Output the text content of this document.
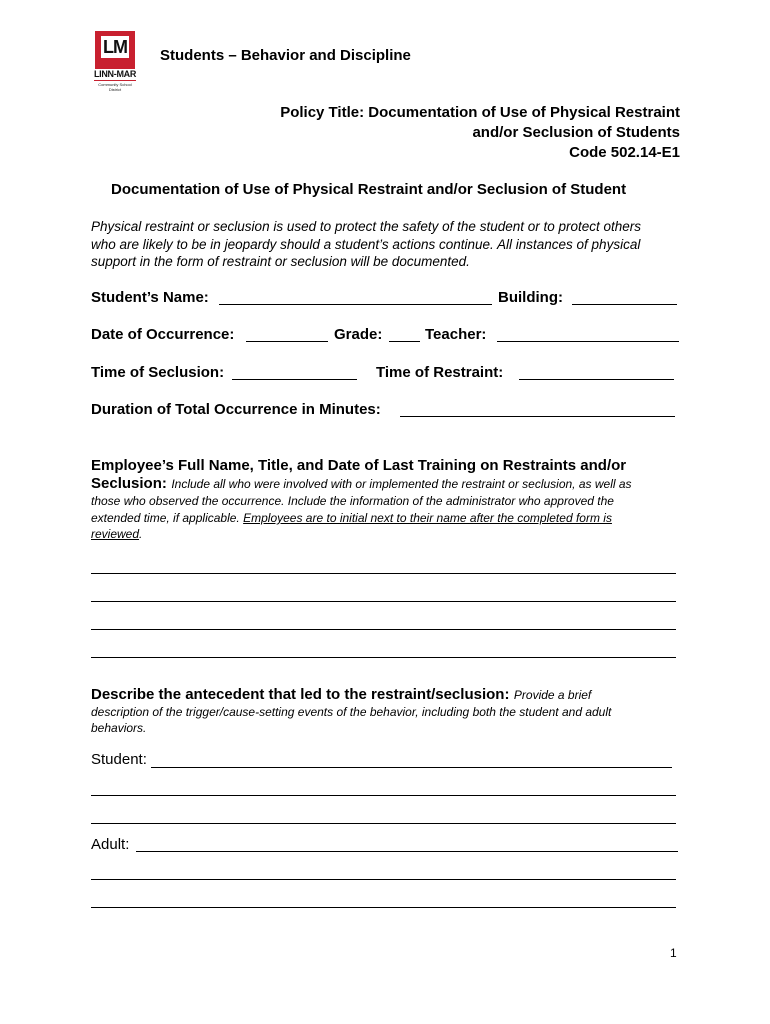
LM
LINN-MAR
Community School District
Students – Behavior and Discipline
Policy Title: Documentation of Use of Physical Restraint
and/or Seclusion of Students
Code 502.14-E1
Documentation of Use of Physical Restraint and/or Seclusion of Student
Physical restraint or seclusion is used to protect the safety of the student or to protect others
who are likely to be in jeopardy should a student’s actions continue. All instances of physical
support in the form of restraint or seclusion will be documented.
Student’s Name:	Building:
Date of Occurrence:	Grade:	Teacher:
Time of Seclusion:	Time of Restraint:
Duration of Total Occurrence in Minutes:
Employee’s Full Name, Title, and Date of Last Training on Restraints and/or
Seclusion: Include all who were involved with or implemented the restraint or seclusion, as well as
those who observed the occurrence. Include the information of the administrator who approved the
extended time, if applicable. Employees are to initial next to their name after the completed form is
reviewed.
Describe the antecedent that led to the restraint/seclusion: Provide a brief
description of the trigger/cause-setting events of the behavior, including both the student and adult
behaviors.
Student:
Adult:
1
